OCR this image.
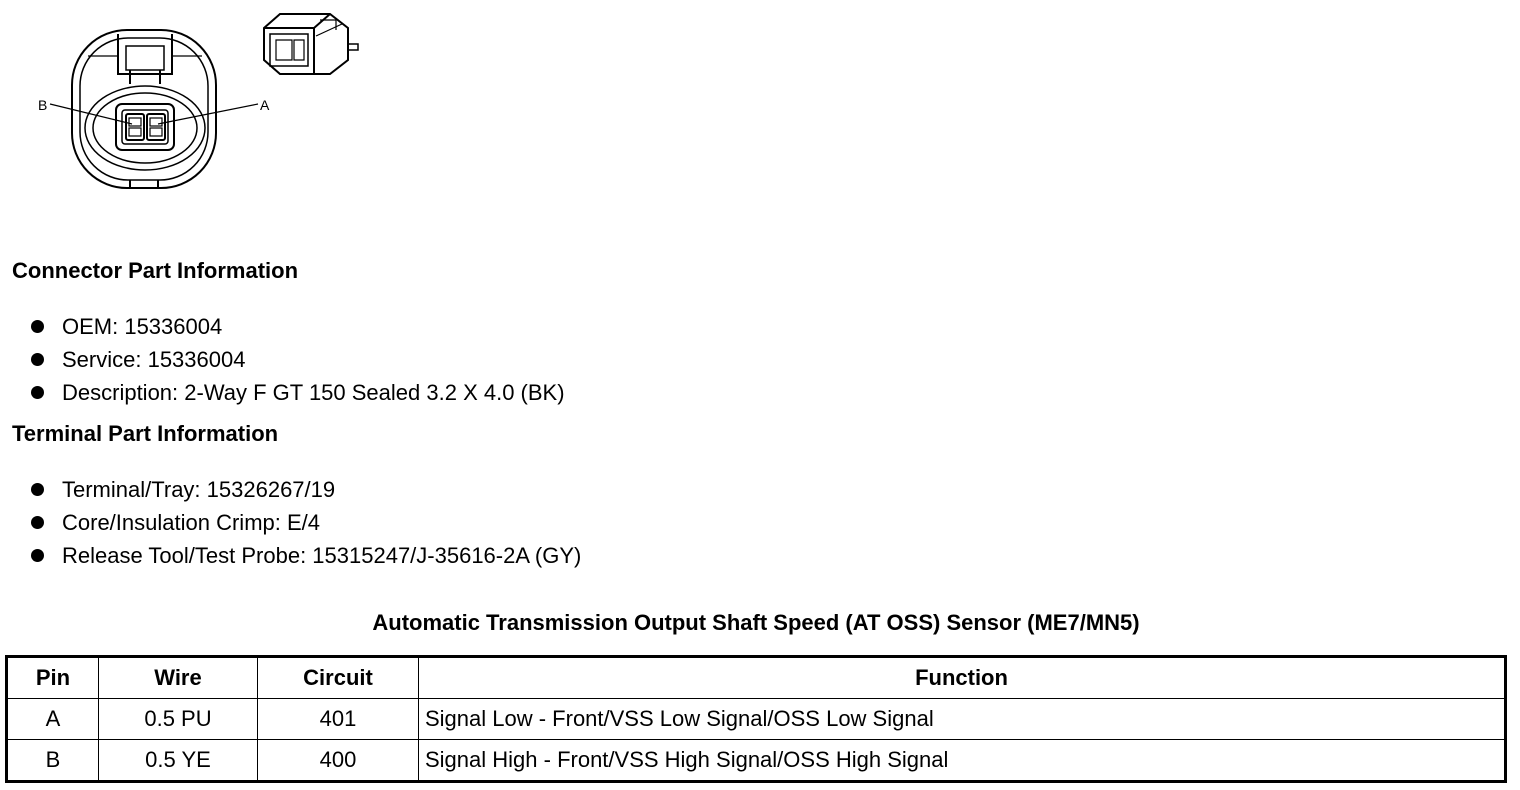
B	A
Connector Part Information
OEM: 15336004
Service: 15336004
Description: 2-Way F GT 150 Sealed 3.2 X 4.0 (BK)
Terminal Part Information
Terminal/Tray: 15326267/19
Core/Insulation Crimp: E/4
Release Tool/Test Probe: 15315247/J-35616-2A (GY)
Automatic Transmission Output Shaft Speed (AT OSS) Sensor (ME7/MN5)
Pin	Wire	Circuit	Function
A	0.5 PU	401	Signal Low - Front/VSS Low Signal/OSS Low Signal
B	0.5 YE	400	Signal High - Front/VSS High Signal/OSS High Signal
